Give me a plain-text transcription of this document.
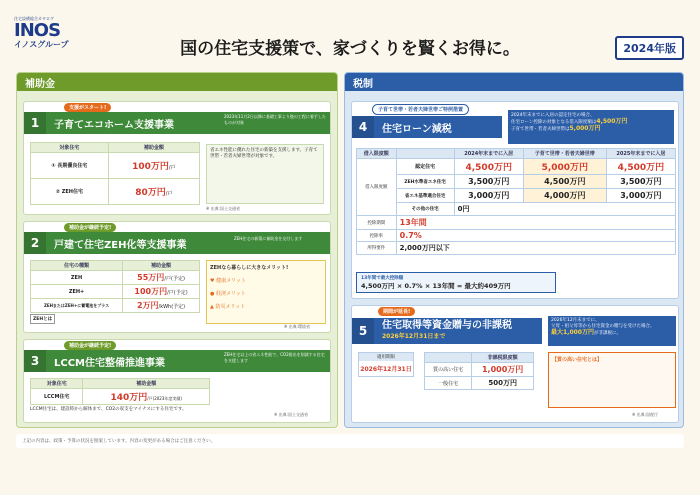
住宅設備総合カタログ
INOS
イノスグループ	国の住宅支援策で、家づくりを賢くお得に。	2024年版
補助金
1	子育てエコホーム支援事業
支援がスタート!
2023年11月2日以降に基礎工事より後の工程に着手したものが対象
対象住宅	補助金額
① 長期優良住宅	100万円/戸
② ZEH住宅	80万円/戸
省エネ性能に優れた住宅の新築を支援します。子育て世帯・若者夫婦世帯が対象です。
※ 出典:国土交通省
2	戸建て住宅ZEH化等支援事業
補助金が継続予定!
ZEH住宅の新築に補助金を交付します
住宅の種類	補助金額
ZEH	55万円/戸(予定)
ZEH+	100万円/戸(予定)
ZEHまたはZEH+に蓄電池をプラス	2万円/kWh(予定)
ZEHとは
ZEHなら暮らしに大きなメリット!
♥ 健康メリット
● 経済メリット
▲ 防災メリット
※ 出典:環境省
3	LCCM住宅整備推進事業
補助金が継続予定!
ZEH住宅以上の省エネ性能で、CO2排出を削減する住宅を支援します
対象住宅	補助金額
LCCM住宅	140万円/戸(2023年度実績)
LCCM住宅は、建設時から解体まで、CO2の収支をマイナスにする住宅です。
※ 出典:国土交通省
税制
4	住宅ローン減税
子育て世帯・若者夫婦世帯ご特例措置
2024年末までに入居の認定住宅の場合、
住宅ローン控除の対象となる借入限度額は4,500万円
子育て世帯・若者夫婦世帯は5,000万円
借入限度額		2024年末までに入居	子育て世帯・若者夫婦世帯	2025年末までに入居
借入限度額	認定住宅	4,500万円	5,000万円	4,500万円
	ZEH水準省エネ住宅	3,500万円	4,500万円	3,500万円
	省エネ基準適合住宅	3,000万円	4,000万円	3,000万円
	その他の住宅	0円		
控除期間	13年間			
控除率	0.7%			
所得要件	2,000万円以下			
13年間で最大控除額
4,500万円 × 0.7% × 13年間 = 最大約409万円
5	住宅取得等資金贈与の非課税
2026年12月31日まで
期間が延長!
2026年12月末までに、
父母・祖父母等から住宅資金の贈与を受けた場合、
最大1,000万円が非課税に。
適用期限
2026年12月31日
	非課税限度額
質の高い住宅	1,000万円
一般住宅	500万円
【質の高い住宅とは】
※ 出典:国税庁
上記の内容は、政策・予算の状況を勘案しています。内容の変更がある場合はご注意ください。
